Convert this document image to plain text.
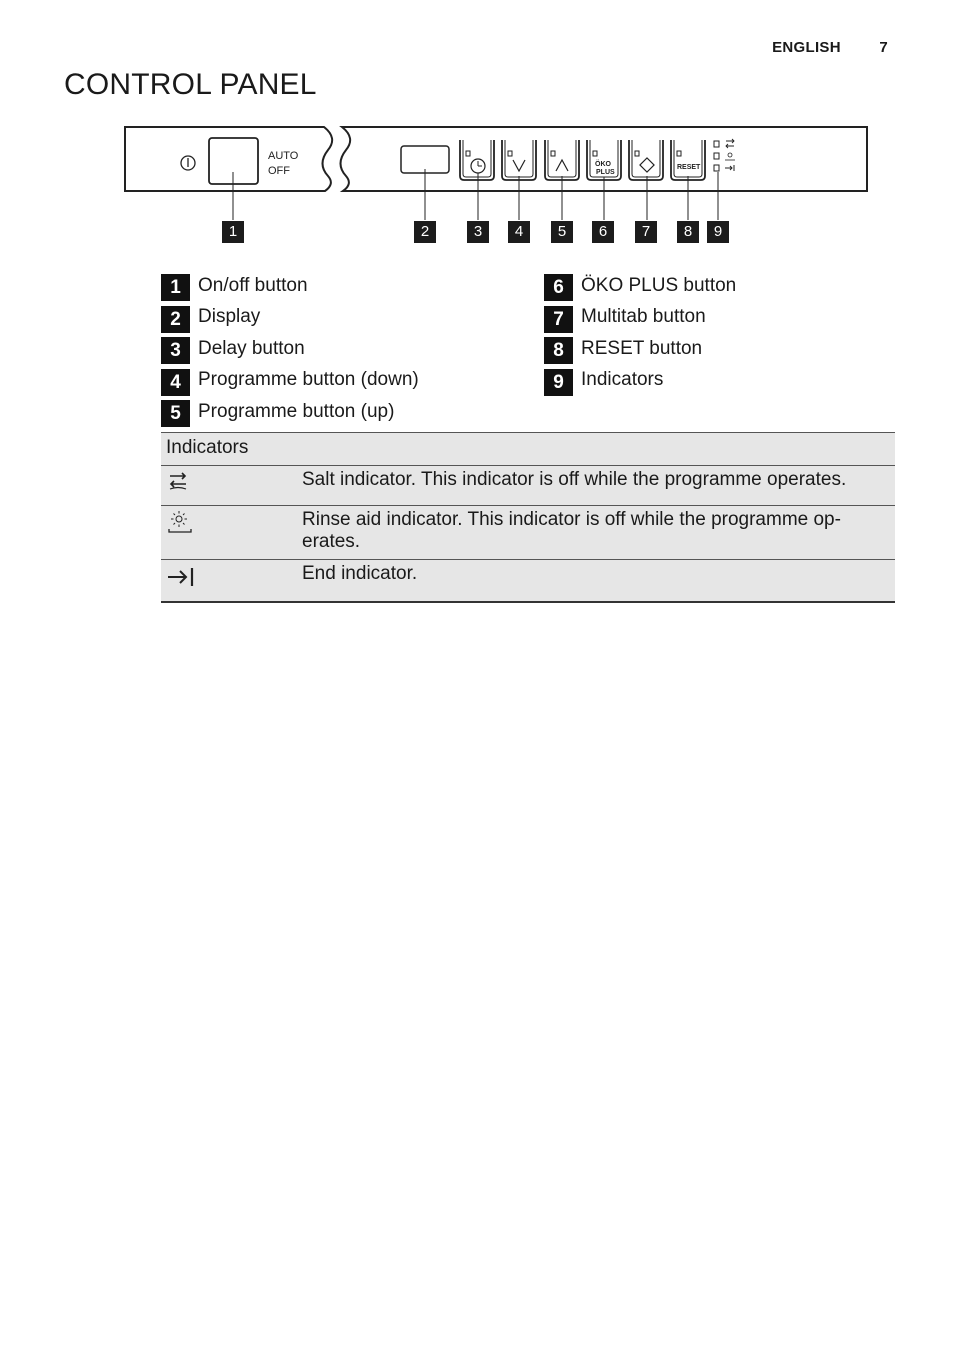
ENGLISH	7
CONTROL PANEL
AUTO
OFF
ÖKO
PLUS
RESET
1	2	3	4	5	6	7	8	9
1 On/off button
2 Display
3 Delay button
4 Programme button (down)
5 Programme button (up)
6 ÖKO PLUS button
7 Multitab button
8 RESET button
9 Indicators
Indicators	
	Salt indicator. This indicator is off while the programme operates.
	Rinse aid indicator. This indicator is off while the programme op-
erates.
	End indicator.
